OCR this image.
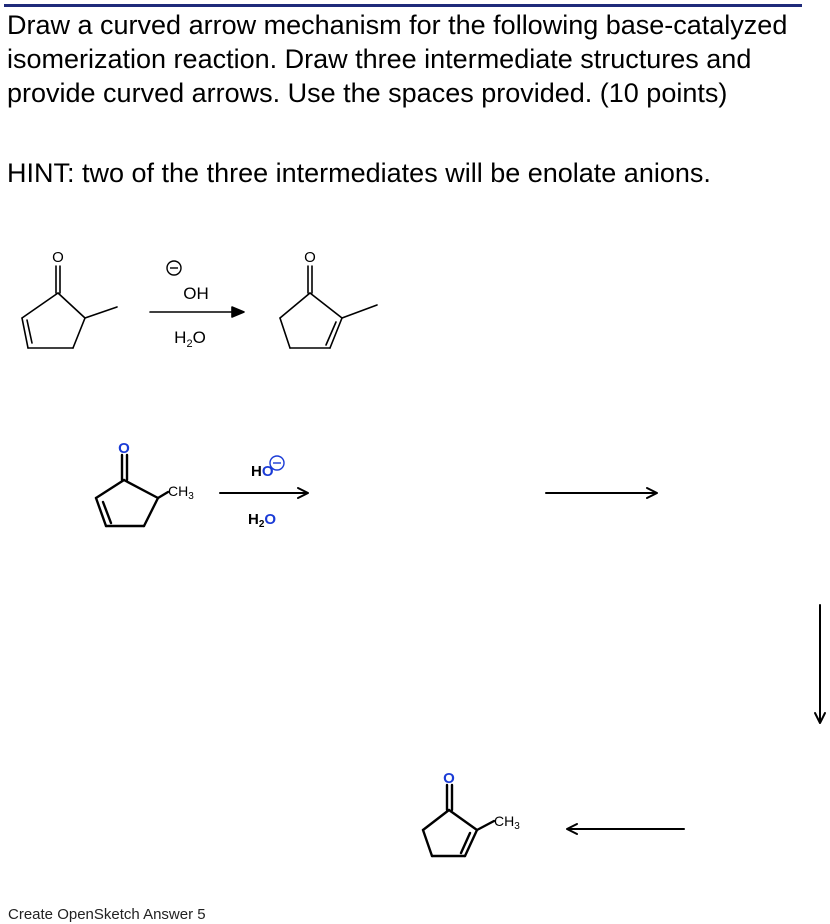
Draw a curved arrow mechanism for the following base-catalyzed
isomerization reaction. Draw three intermediate structures and
provide curved arrows. Use the spaces provided. (10 points)

HINT: two of the three intermediates will be enolate anions.

O	O
OH
$H_2O$
O
$CH_3$
HO
$H_2O$
O
$CH_3$
Create OpenSketch Answer 5
